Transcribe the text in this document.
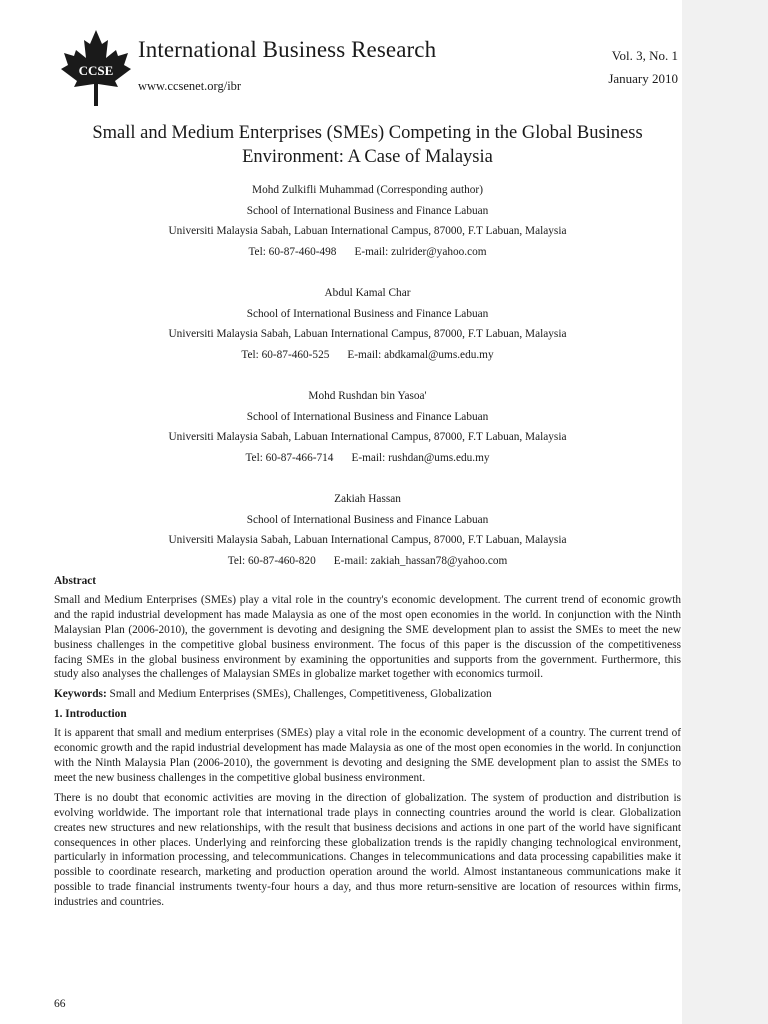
CCSE
International Business Research
www.ccsenet.org/ibr
Vol. 3, No. 1
January 2010
Small and Medium Enterprises (SMEs) Competing in the Global Business
Environment: A Case of Malaysia
Mohd Zulkifli Muhammad (Corresponding author)
School of International Business and Finance Labuan
Universiti Malaysia Sabah, Labuan International Campus, 87000, F.T Labuan, Malaysia
Tel: 60-87-460-498 E-mail: zulrider@yahoo.com
Abdul Kamal Char
School of International Business and Finance Labuan
Universiti Malaysia Sabah, Labuan International Campus, 87000, F.T Labuan, Malaysia
Tel: 60-87-460-525 E-mail: abdkamal@ums.edu.my
Mohd Rushdan bin Yasoa'
School of International Business and Finance Labuan
Universiti Malaysia Sabah, Labuan International Campus, 87000, F.T Labuan, Malaysia
Tel: 60-87-466-714 E-mail: rushdan@ums.edu.my
Zakiah Hassan
School of International Business and Finance Labuan
Universiti Malaysia Sabah, Labuan International Campus, 87000, F.T Labuan, Malaysia
Tel: 60-87-460-820 E-mail: zakiah_hassan78@yahoo.com
Abstract

Small and Medium Enterprises (SMEs) play a vital role in the country's economic development. The current trend of economic growth and the rapid industrial development has made Malaysia as one of the most open economies in the world. In conjunction with the Ninth Malaysian Plan (2006-2010), the government is devoting and designing the SME development plan to assist the SMEs to meet the new business challenges in the competitive global business environment. The focus of this paper is the discussion of the competitiveness facing SMEs in the global business environment by examining the opportunities and supports from the government. Furthermore, this study also analyses the challenges of Malaysian SMEs in globalize market together with economics turmoil.

Keywords: Small and Medium Enterprises (SMEs), Challenges, Competitiveness, Globalization

1. Introduction

It is apparent that small and medium enterprises (SMEs) play a vital role in the economic development of a country. The current trend of economic growth and the rapid industrial development has made Malaysia as one of the most open economies in the world. In conjunction with the Ninth Malaysia Plan (2006-2010), the government is devoting and designing the SME development plan to assist the SMEs to meet the new business challenges in the competitive global business environment.

There is no doubt that economic activities are moving in the direction of globalization. The system of production and distribution is evolving worldwide. The important role that international trade plays in connecting countries around the world is clear. Globalization creates new structures and new relationships, with the result that business decisions and actions in one part of the world have significant consequences in other places. Underlying and reinforcing these globalization trends is the rapidly changing technological environment, particularly in information processing, and telecommunications. Changes in telecommunications and data processing capabilities make it possible to coordinate research, marketing and production operation around the world. Almost instantaneous communications make it possible to trade financial instruments twenty-four hours a day, and thus more return-sensitive are location of resources within firms, industries and countries.

66
